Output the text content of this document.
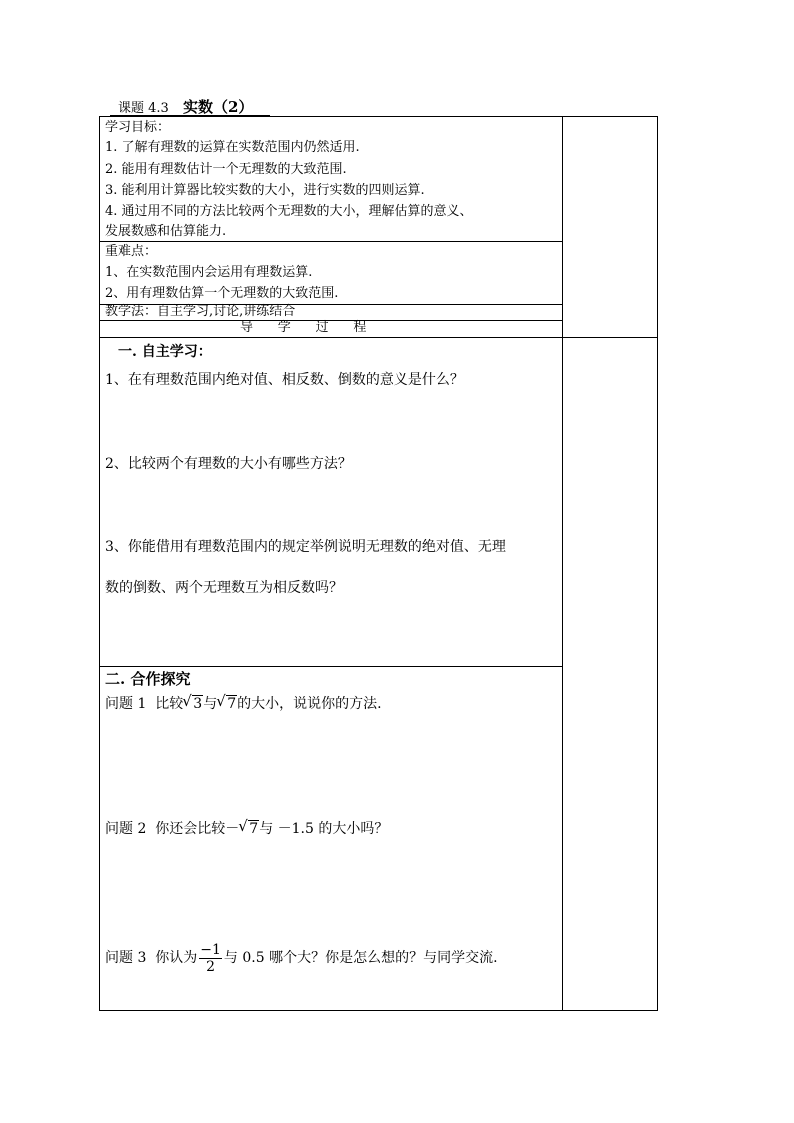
课题 4.3 实数（2）
学习目标：
1. 了解有理数的运算在实数范围内仍然适用.
2. 能用有理数估计一个无理数的大致范围.
3. 能利用计算器比较实数的大小，进行实数的四则运算.
4. 通过用不同的方法比较两个无理数的大小，理解估算的意义、
发展数感和估算能力.
重难点：
1、在实数范围内会运用有理数运算.
2、用有理数估算一个无理数的大致范围.
教学法：自主学习,讨论,讲练结合
导      学      过      程
一. 自主学习：
1、在有理数范围内绝对值、相反数、倒数的意义是什么？
2、比较两个有理数的大小有哪些方法？
3、你能借用有理数范围内的规定举例说明无理数的绝对值、无理
数的倒数、两个无理数互为相反数吗？
二. 合作探究
问题 1  比较 √ 3与 √ 7的大小，说说你的方法.
问题 2  你还会比较－ √ 7与 －1.5 的大小吗？
问题 3  你认为 $\frac{-1}{2}$ 与 0.5 哪个大？你是怎么想的？与同学交流.
